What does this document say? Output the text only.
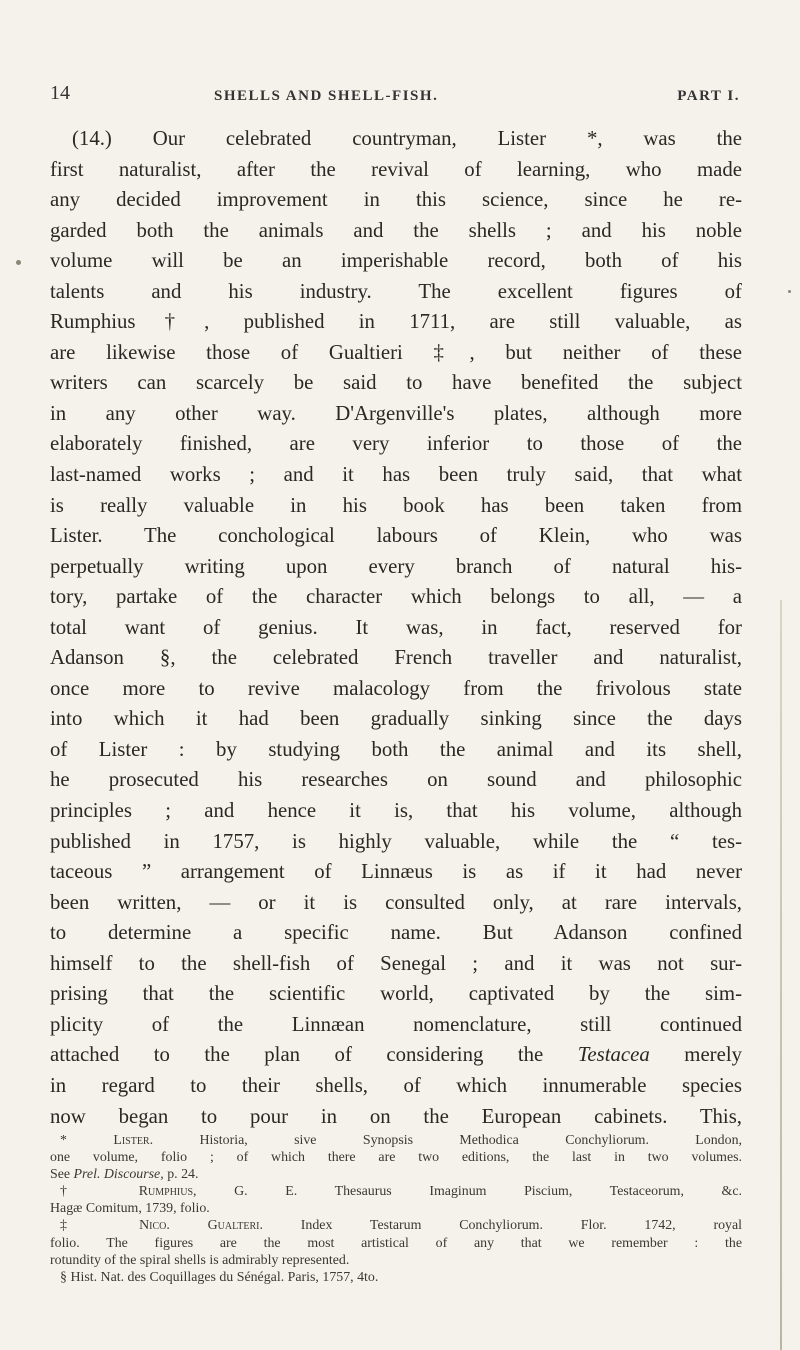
14	SHELLS AND SHELL-FISH.	PART I.
(14.) Our celebrated countryman, Lister *, was the
first naturalist, after the revival of learning, who made
any decided improvement in this science, since he re-
garded both the animals and the shells ; and his noble
volume will be an imperishable record, both of his
talents and his industry. The excellent figures of
Rumphius†, published in 1711, are still valuable, as
are likewise those of Gualtieri ‡, but neither of these
writers can scarcely be said to have benefited the subject
in any other way. D'Argenville's plates, although more
elaborately finished, are very inferior to those of the
last-named works ; and it has been truly said, that what
is really valuable in his book has been taken from
Lister. The conchological labours of Klein, who was
perpetually writing upon every branch of natural his-
tory, partake of the character which belongs to all, — a
total want of genius. It was, in fact, reserved for
Adanson §, the celebrated French traveller and naturalist,
once more to revive malacology from the frivolous state
into which it had been gradually sinking since the days
of Lister : by studying both the animal and its shell,
he prosecuted his researches on sound and philosophic
principles ; and hence it is, that his volume, although
published in 1757, is highly valuable, while the “ tes-
taceous ” arrangement of Linnæus is as if it had never
been written, — or it is consulted only, at rare intervals,
to determine a specific name. But Adanson confined
himself to the shell-fish of Senegal ; and it was not sur-
prising that the scientific world, captivated by the sim-
plicity of the Linnæan nomenclature, still continued
attached to the plan of considering the Testacea merely
in regard to their shells, of which innumerable species
now began to pour in on the European cabinets. This,
*	Lister.	Historia, sive Synopsis Methodica Conchyliorum. London,
one volume, folio ; of which there are two editions, the last in two volumes.
See Prel. Discourse, p. 24.
†	Rumphius, G. E.	Thesaurus Imaginum Piscium, Testaceorum, &c.
Hagæ Comitum, 1739, folio.
‡	Nico. Gualteri.	Index Testarum Conchyliorum. Flor. 1742, royal
folio. The figures are the most artistical of any that we remember : the
rotundity of the spiral shells is admirably represented.
§ Hist. Nat. des Coquillages du Sénégal. Paris, 1757, 4to.
